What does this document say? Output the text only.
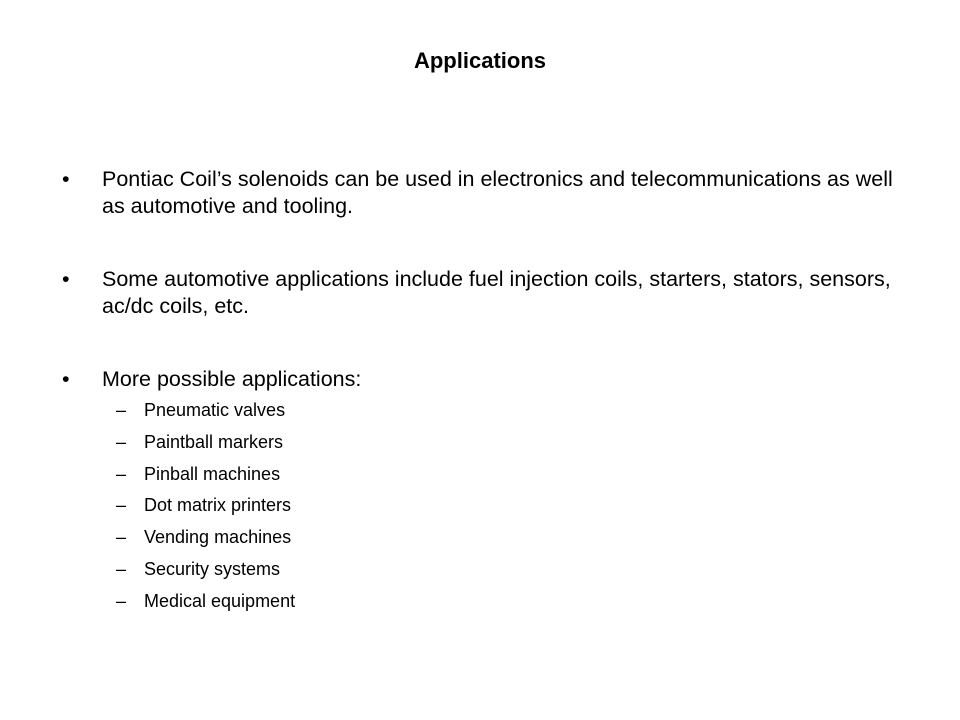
Applications
•	Pontiac Coil’s solenoids can be used in electronics and telecommunications as well as automotive and tooling.
•	Some automotive applications include fuel injection coils, starters, stators, sensors, ac/dc coils, etc.
•	More possible applications:
– Pneumatic valves
– Paintball markers
– Pinball machines
– Dot matrix printers
– Vending machines
– Security systems
– Medical equipment
